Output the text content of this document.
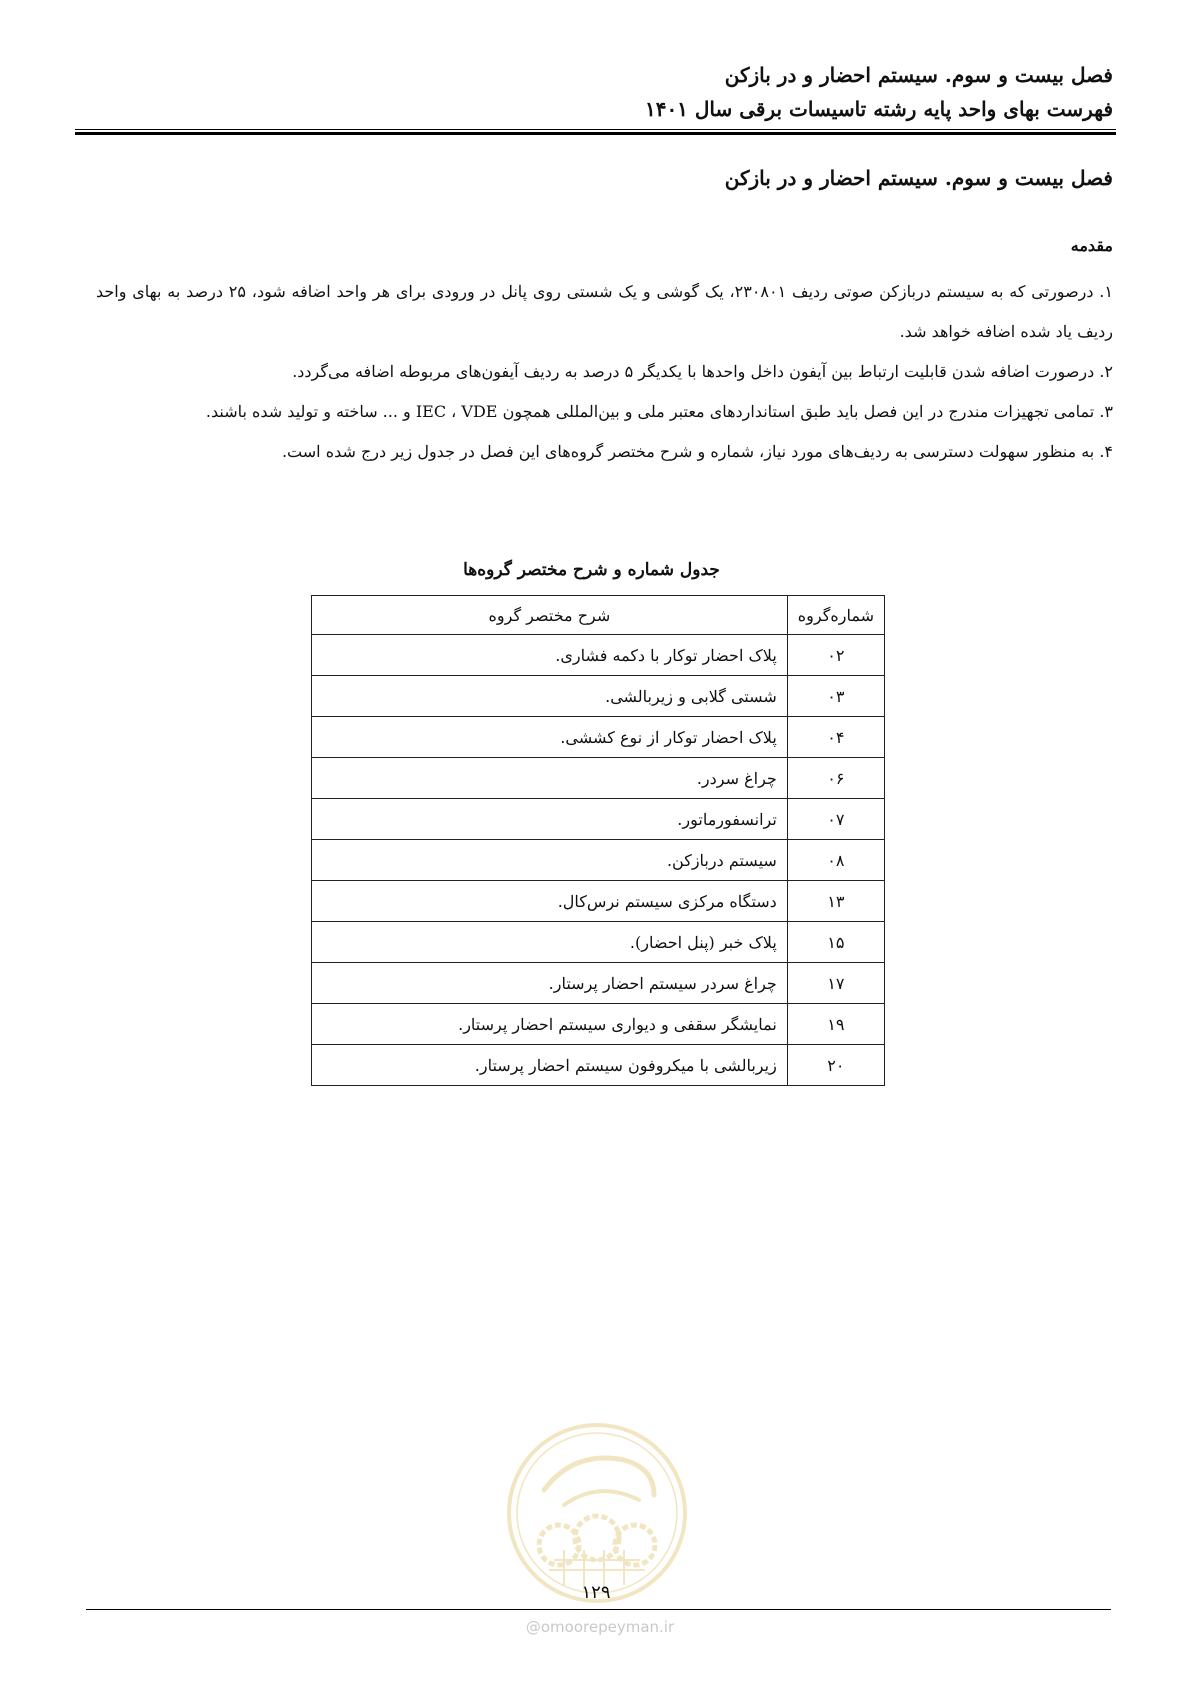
فصل بیست و سوم. سیستم احضار و در بازکن
فهرست بهای واحد پایه رشته تاسیسات برقی سال ۱۴۰۱
فصل بیست و سوم. سیستم احضار و در بازکن
مقدمه

۱. درصورتی که به سیستم دربازکن صوتی ردیف ۲۳۰۸۰۱، یک گوشی و یک شستی روی پانل در ورودی برای هر واحد اضافه شود، ۲۵ درصد به بهای واحد ردیف یاد شده اضافه خواهد شد.

۲. درصورت اضافه شدن قابلیت ارتباط بین آیفون داخل واحدها با یکدیگر ۵ درصد به ردیف آیفون‌های مربوطه اضافه می‌گردد.

۳. تمامی تجهیزات مندرج در این فصل باید طبق استانداردهای معتبر ملی و بین‌المللی همچون IEC ، VDE و ... ساخته و تولید شده باشند.

۴. به منظور سهولت دسترسی به ردیف‌های مورد نیاز، شماره و شرح مختصر گروه‌های این فصل در جدول زیر درج شده است.

جدول شماره و شرح مختصر گروه‌ها
شماره‌گروه	شرح مختصر گروه
۰۲	پلاک احضار توکار با دکمه فشاری.
۰۳	شستی گلابی و زیربالشی.
۰۴	پلاک احضار توکار از نوع کششی.
۰۶	چراغ سردر.
۰۷	ترانسفورماتور.
۰۸	سیستم دربازکن.
۱۳	دستگاه مرکزی سیستم نرس‌کال.
۱۵	پلاک خبر (پنل احضار).
۱۷	چراغ سردر سیستم احضار پرستار.
۱۹	نمایشگر سقفی و دیواری سیستم احضار پرستار.
۲۰	زیربالشی با میکروفون سیستم احضار پرستار.
۱۲۹
@omoorepeyman.ir
